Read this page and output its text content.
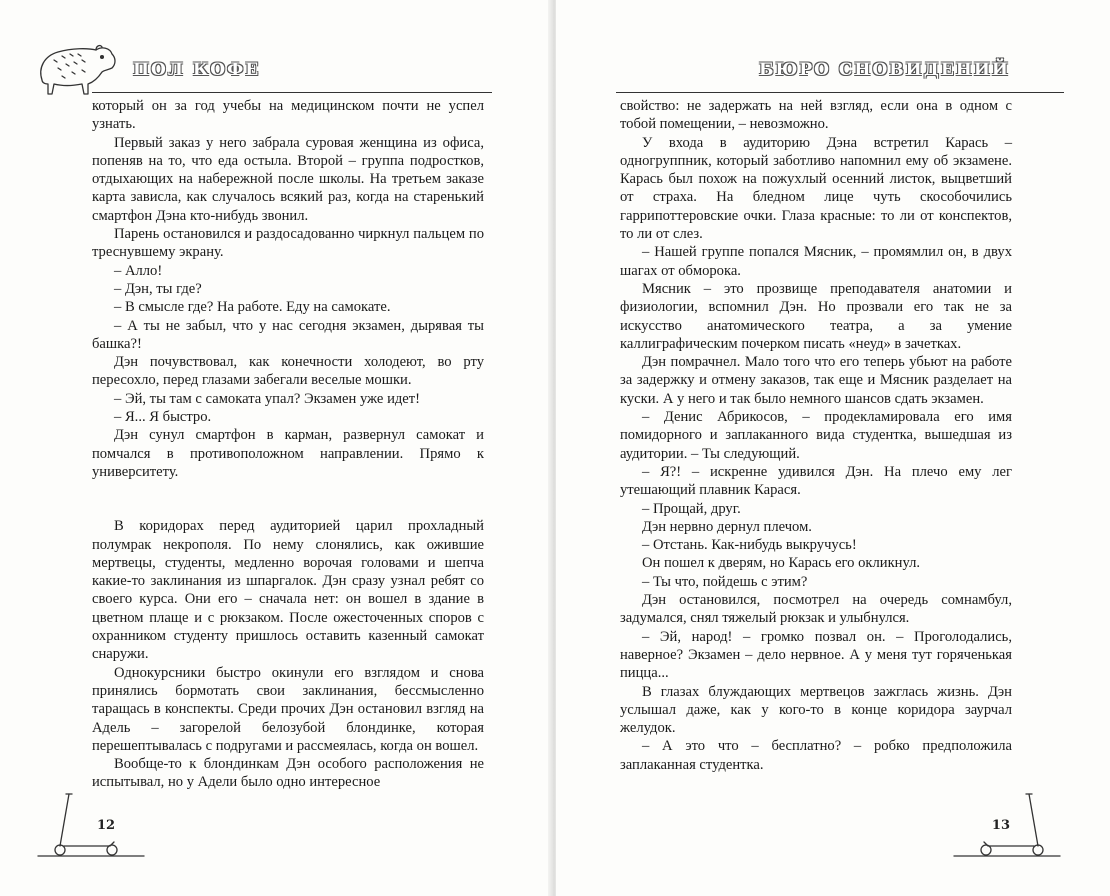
ПОЛ КОФЕ

который он за год учебы на медицинском почти не успел узнать.

Первый заказ у него забрала суровая женщина из офиса, попеняв на то, что еда остыла. Второй – группа подростков, отдыхающих на набережной после школы. На третьем заказе карта зависла, как случалось всякий раз, когда на старенький смартфон Дэна кто-нибудь звонил.

Парень остановился и раздосадованно чиркнул пальцем по треснувшему экрану.

– Алло!

– Дэн, ты где?

– В смысле где? На работе. Еду на самокате.

– А ты не забыл, что у нас сегодня экзамен, дырявая ты башка?!

Дэн почувствовал, как конечности холодеют, во рту пересохло, перед глазами забегали веселые мошки.

– Эй, ты там с самоката упал? Экзамен уже идет!

– Я... Я быстро.

Дэн сунул смартфон в карман, развернул самокат и помчался в противоположном направлении. Прямо к университету.

В коридорах перед аудиторией царил прохладный полумрак некрополя. По нему слонялись, как ожившие мертвецы, студенты, медленно ворочая головами и шепча какие-то заклинания из шпаргалок. Дэн сразу узнал ребят со своего курса. Они его – сначала нет: он вошел в здание в цветном плаще и с рюкзаком. После ожесточенных споров с охранником студенту пришлось оставить казенный самокат снаружи.

Однокурсники быстро окинули его взглядом и снова принялись бормотать свои заклинания, бессмысленно таращась в конспекты. Среди прочих Дэн остановил взгляд на Адель – загорелой белозубой блондинке, которая перешептывалась с подругами и рассмеялась, когда он вошел.

Вообще-то к блондинкам Дэн особого расположения не испытывал, но у Адели было одно интересное

12
БЮРО СНОВИДЕНИЙ

свойство: не задержать на ней взгляд, если она в одном с тобой помещении, – невозможно.

У входа в аудиторию Дэна встретил Карась – одногруппник, который заботливо напомнил ему об экзамене. Карась был похож на пожухлый осенний листок, выцветший от страха. На бледном лице чуть скособочились гаррипоттеровские очки. Глаза красные: то ли от конспектов, то ли от слез.

– Нашей группе попался Мясник, – промямлил он, в двух шагах от обморока.

Мясник – это прозвище преподавателя анатомии и физиологии, вспомнил Дэн. Но прозвали его так не за искусство анатомического театра, а за умение каллиграфическим почерком писать «неуд» в зачетках.

Дэн помрачнел. Мало того что его теперь убьют на работе за задержку и отмену заказов, так еще и Мясник разделает на куски. А у него и так было немного шансов сдать экзамен.

– Денис Абрикосов, – продекламировала его имя помидорного и заплаканного вида студентка, вышедшая из аудитории. – Ты следующий.

– Я?! – искренне удивился Дэн. На плечо ему лег утешающий плавник Карася.

– Прощай, друг.

Дэн нервно дернул плечом.

– Отстань. Как-нибудь выкручусь!

Он пошел к дверям, но Карась его окликнул.

– Ты что, пойдешь с этим?

Дэн остановился, посмотрел на очередь сомнамбул, задумался, снял тяжелый рюкзак и улыбнулся.

– Эй, народ! – громко позвал он. – Проголодались, наверное? Экзамен – дело нервное. А у меня тут горяченькая пицца...

В глазах блуждающих мертвецов зажглась жизнь. Дэн услышал даже, как у кого-то в конце коридора заурчал желудок.

– А это что – бесплатно? – робко предположила заплаканная студентка.

13
